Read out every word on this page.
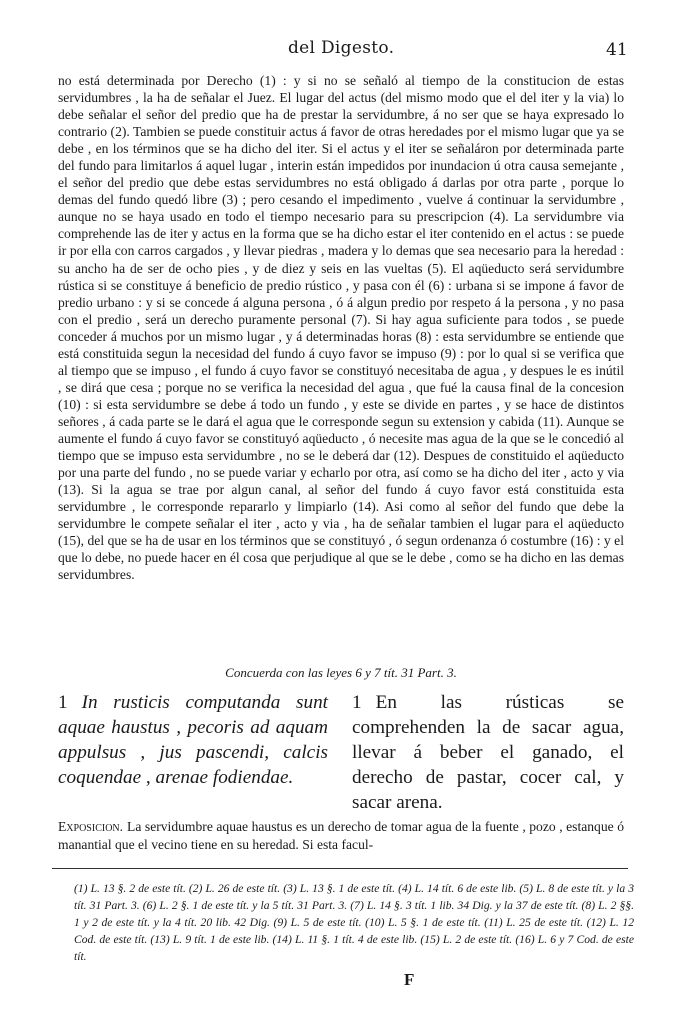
del Digesto.	41

no está determinada por Derecho (1) : y si no se señaló al tiempo de la constitucion de estas servidumbres , la ha de señalar el Juez. El lugar del actus (del mismo modo que el del iter y la via) lo debe señalar el señor del predio que ha de prestar la servidumbre, á no ser que se haya expresado lo contrario (2). Tambien se puede constituir actus á favor de otras heredades por el mismo lugar que ya se debe , en los términos que se ha dicho del iter. Si el actus y el iter se señaláron por determinada parte del fundo para limitarlos á aquel lugar , interin están impedidos por inundacion ú otra causa semejante , el señor del predio que debe estas servidumbres no está obligado á darlas por otra parte , porque lo demas del fundo quedó libre (3) ; pero cesando el impedimento , vuelve á continuar la servidumbre , aunque no se haya usado en todo el tiempo necesario para su prescripcion (4). La servidumbre via comprehende las de iter y actus en la forma que se ha dicho estar el iter contenido en el actus : se puede ir por ella con carros cargados , y llevar piedras , madera y lo demas que sea necesario para la heredad : su ancho ha de ser de ocho pies , y de diez y seis en las vueltas (5). El aqüeducto será servidumbre rústica si se constituye á beneficio de predio rústico , y pasa con él (6) : urbana si se impone á favor de predio urbano : y si se concede á alguna persona , ó á algun predio por respeto á la persona , y no pasa con el predio , será un derecho puramente personal (7). Si hay agua suficiente para todos , se puede conceder á muchos por un mismo lugar , y á determinadas horas (8) : esta servidumbre se entiende que está constituida segun la necesidad del fundo á cuyo favor se impuso (9) : por lo qual si se verifica que al tiempo que se impuso , el fundo á cuyo favor se constituyó necesitaba de agua , y despues le es inútil , se dirá que cesa ; porque no se verifica la necesidad del agua , que fué la causa final de la concesion (10) : si esta servidumbre se debe á todo un fundo , y este se divide en partes , y se hace de distintos señores , á cada parte se le dará el agua que le corresponde segun su extension y cabida (11). Aunque se aumente el fundo á cuyo favor se constituyó aqüeducto , ó necesite mas agua de la que se le concedió al tiempo que se impuso esta servidumbre , no se le deberá dar (12). Despues de constituido el aqüeducto por una parte del fundo , no se puede variar y echarlo por otra, así como se ha dicho del iter , acto y via (13). Si la agua se trae por algun canal, al señor del fundo á cuyo favor está constituida esta servidumbre , le corresponde repararlo y limpiarlo (14). Asi como al señor del fundo que debe la servidumbre le compete señalar el iter , acto y via , ha de señalar tambien el lugar para el aqüeducto (15), del que se ha de usar en los términos que se constituyó , ó segun ordenanza ó costumbre (16) : y el que lo debe, no puede hacer en él cosa que perjudique al que se le debe , como se ha dicho en las demas servidumbres.

Concuerda con las leyes 6 y 7 tít. 31 Part. 3.
1 In rusticis computanda sunt aquae haustus , pecoris ad aquam appulsus , jus pascendi, calcis coquendae , arenae fodiendae.
1 En las rústicas se comprehenden la de sacar agua, llevar á beber el ganado, el derecho de pastar, cocer cal, y sacar arena.
Exposicion. La servidumbre aquae haustus es un derecho de tomar agua de la fuente , pozo , estanque ó manantial que el vecino tiene en su heredad. Si esta facul-
(1) L. 13 §. 2 de este tít. (2) L. 26 de este tít. (3) L. 13 §. 1 de este tít. (4) L. 14 tít. 6 de este lib. (5) L. 8 de este tít. y la 3 tít. 31 Part. 3. (6) L. 2 §. 1 de este tít. y la 5 tít. 31 Part. 3. (7) L. 14 §. 3 tít. 1 lib. 34 Dig. y la 37 de este tít. (8) L. 2 §§. 1 y 2 de este tít. y la 4 tít. 20 lib. 42 Dig. (9) L. 5 de este tít. (10) L. 5 §. 1 de este tít. (11) L. 25 de este tít. (12) L. 12 Cod. de este tít. (13) L. 9 tít. 1 de este lib. (14) L. 11 §. 1 tít. 4 de este lib. (15) L. 2 de este tít. (16) L. 6 y 7 Cod. de este tít.
F
